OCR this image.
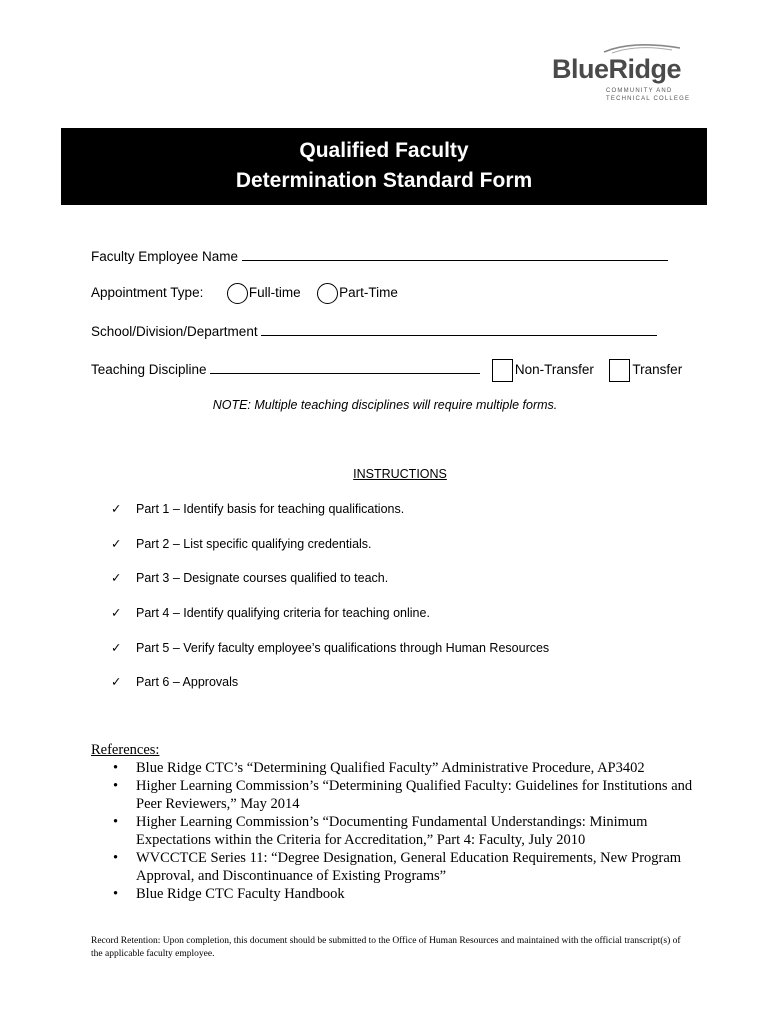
BlueRidge
COMMUNITY AND
TECHNICAL COLLEGE
Qualified Faculty
Determination Standard Form
Faculty Employee Name
Appointment Type:	Full-time	Part-Time
School/Division/Department
Teaching Discipline	Non-Transfer	Transfer
NOTE: Multiple teaching disciplines will require multiple forms.
INSTRUCTIONS
✓ Part 1 – Identify basis for teaching qualifications.
✓ Part 2 – List specific qualifying credentials.
✓ Part 3 – Designate courses qualified to teach.
✓ Part 4 – Identify qualifying criteria for teaching online.
✓ Part 5 – Verify faculty employee’s qualifications through Human Resources
✓ Part 6 – Approvals
References:
• Blue Ridge CTC’s “Determining Qualified Faculty” Administrative Procedure, AP3402
• Higher Learning Commission’s “Determining Qualified Faculty: Guidelines for Institutions and Peer Reviewers,” May 2014
• Higher Learning Commission’s “Documenting Fundamental Understandings: Minimum Expectations within the Criteria for Accreditation,” Part 4: Faculty, July 2010
• WVCCTCE Series 11: “Degree Designation, General Education Requirements, New Program Approval, and Discontinuance of Existing Programs”
• Blue Ridge CTC Faculty Handbook
Record Retention: Upon completion, this document should be submitted to the Office of Human Resources and maintained with the official transcript(s) of the applicable faculty employee.
